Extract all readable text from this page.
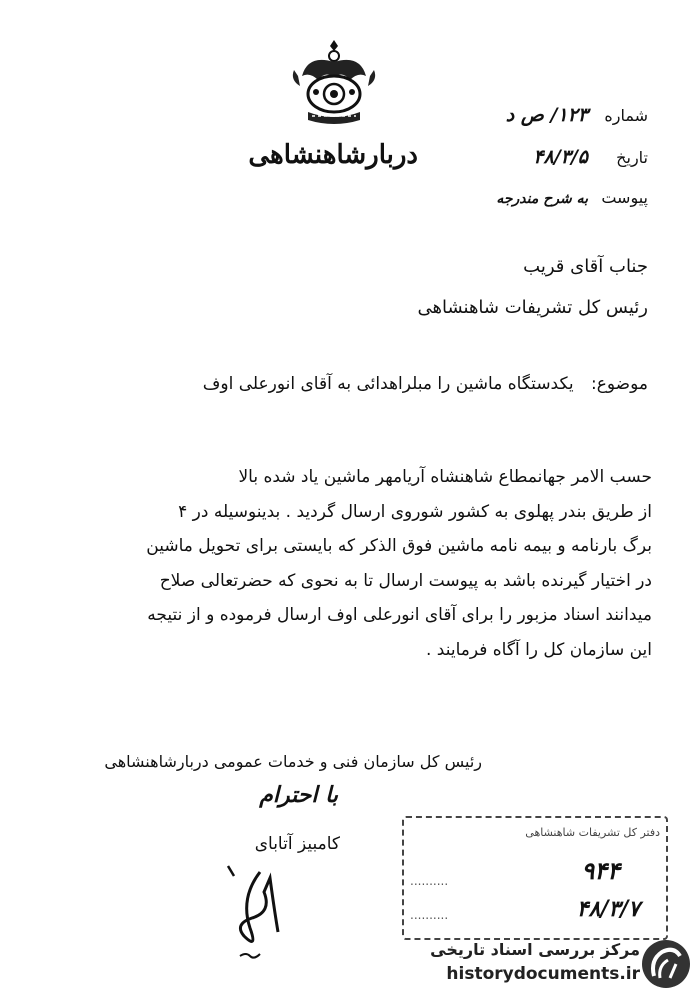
دربارشاهنشاهی
شماره۱۲۳/ ص د
تاریخ۴۸/۳/۵
پیوستبه شرح مندرجه
جناب آقای قریب
رئیس کل تشریفات شاهنشاهی
موضوع: یکدستگاه ماشین را مبلراهدائی به آقای انورعلی اوف

حسب الامر جهانمطاع شاهنشاه آریامهر ماشین یاد شده بالا

از طریق بندر پهلوی به کشور شوروی ارسال گردید . بدینوسیله در ۴

برگ بارنامه و بیمه نامه ماشین فوق الذکر که بایستی برای تحویل ماشین

در اختیار گیرنده باشد به پیوست ارسال تا به نحوی که حضرتعالی صلاح

میدانند اسناد مزبور را برای آقای انورعلی اوف ارسال فرموده و از نتیجه

این سازمان کل را آگاه فرمایند .

رئیس کل سازمان فنی و خدمات عمومی دربارشاهنشاهی
با احترام
کامبیز آتابای
دفتر کل تشریفات شاهنشاهی
..........	۹۴۴
..........	۴۸/۳/۷
مرکز بررسی اسناد تاریخی
historydocuments.ir
